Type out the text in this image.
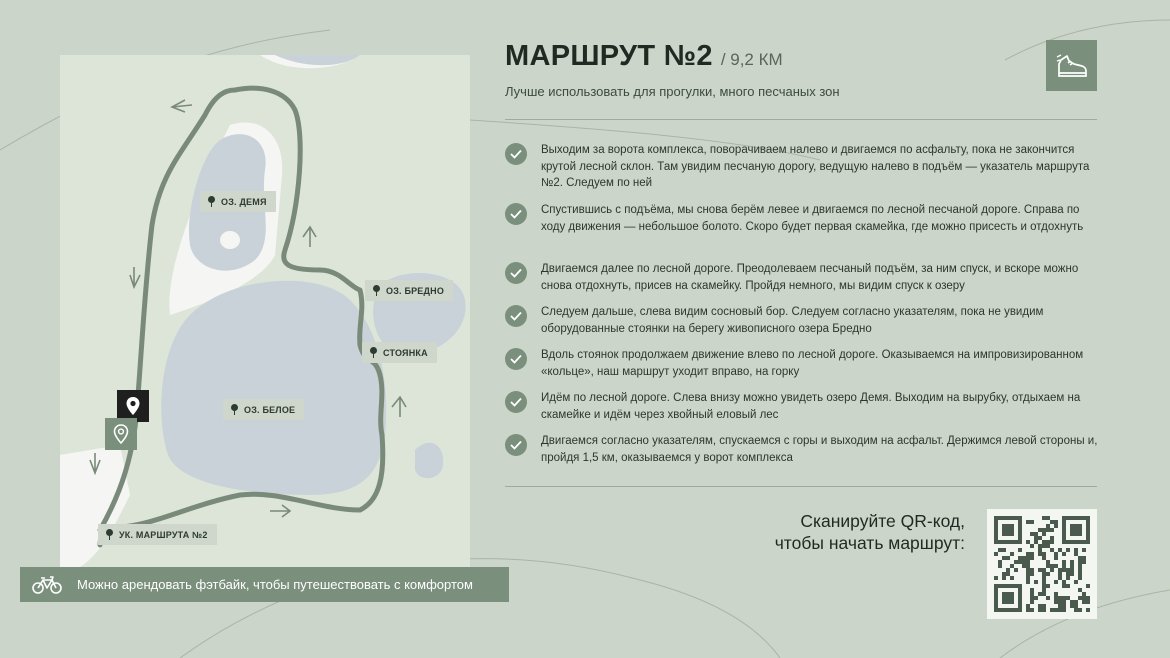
ОЗ. ДЕМЯ
ОЗ. БРЕДНО
СТОЯНКА
ОЗ. БЕЛОЕ
УК. МАРШРУТА №2
Можно арендовать фэтбайк, чтобы путешествовать с комфортом
МАРШРУТ №2 / 9,2 КМ
Лучше использовать для прогулки, много песчаных зон
Выходим за ворота комплекса, поворачиваем налево и двигаемся по асфальту, пока не закончится крутой лесной склон. Там увидим песчаную дорогу, ведущую налево в подъём — указатель маршрута №2. Следуем по ней
Спустившись с подъёма, мы снова берём левее и двигаемся по лесной песчаной дороге. Справа по ходу движения — небольшое болото. Скоро будет первая скамейка, где можно присесть и отдохнуть
Двигаемся далее по лесной дороге. Преодолеваем песчаный подъём, за ним спуск, и вскоре можно снова отдохнуть, присев на скамейку. Пройдя немного, мы видим спуск к озеру
Следуем дальше, слева видим сосновый бор. Следуем согласно указателям, пока не увидим оборудованные стоянки на берегу живописного озера Бредно
Вдоль стоянок продолжаем движение влево по лесной дороге. Оказываемся на импровизированном «кольце», наш маршрут уходит вправо, на горку
Идём по лесной дороге. Слева внизу можно увидеть озеро Демя. Выходим на вырубку, отдыхаем на скамейке и идём через хвойный еловый лес
Двигаемся согласно указателям, спускаемся с горы и выходим на асфальт. Держимся левой стороны и, пройдя 1,5 км, оказываемся у ворот комплекса
Сканируйте QR-код,
чтобы начать маршрут:
